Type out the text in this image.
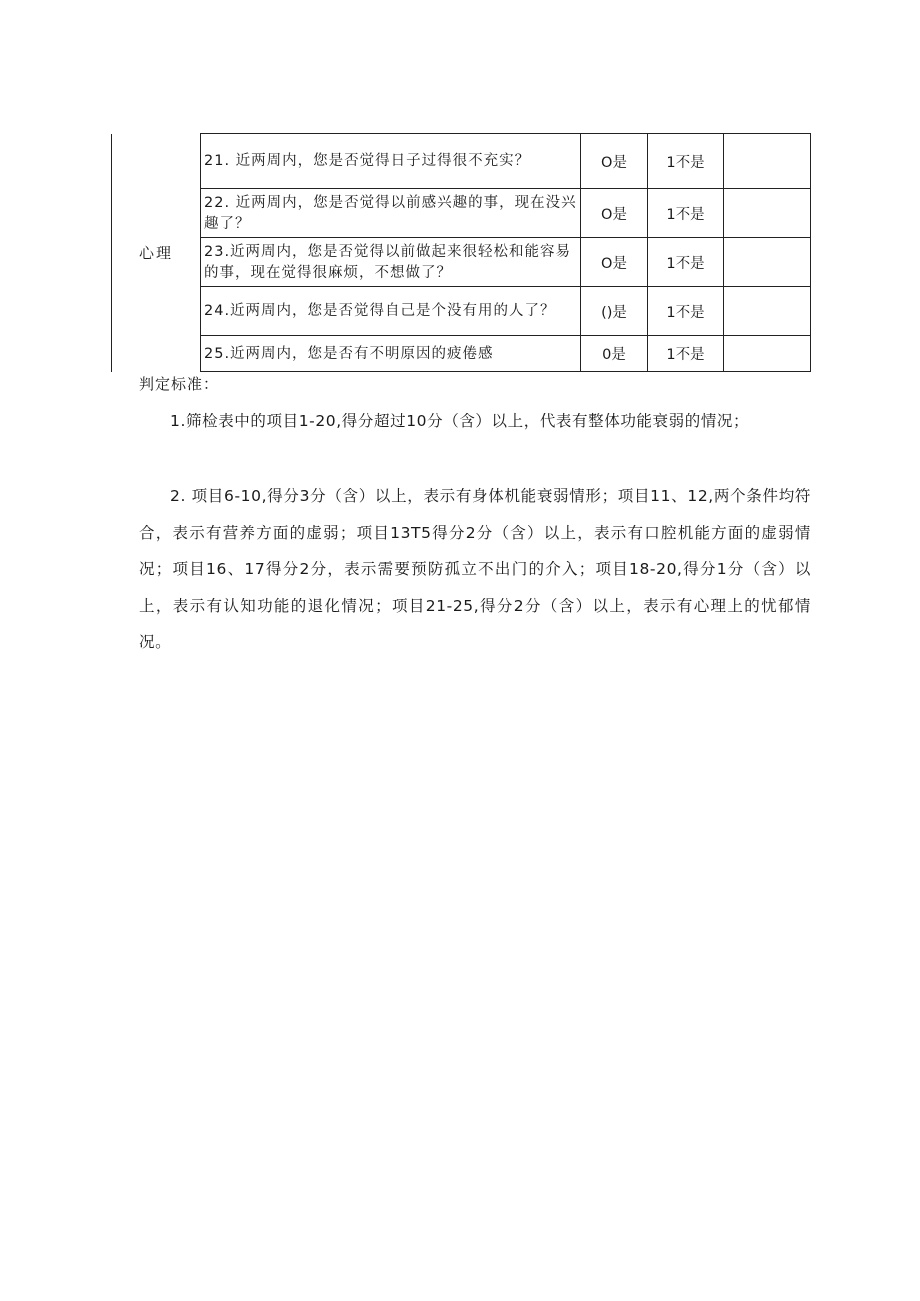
心理	21. 近两周内，您是否觉得日子过得很不充实？	O是	1不是	
	22. 近两周内，您是否觉得以前感兴趣的事，现在没兴趣了？	O是	1不是	
	23.近两周内，您是否觉得以前做起来很轻松和能容易的事，现在觉得很麻烦，不想做了？	O是	1不是	
	24.近两周内，您是否觉得自己是个没有用的人了？	()是	1不是	
	25.近两周内，您是否有不明原因的疲倦感	0是	1不是	
判定标准：

1.筛检表中的项目1-20,得分超过10分（含）以上，代表有整体功能衰弱的情况；

2. 项目6-10,得分3分（含）以上，表示有身体机能衰弱情形；项目11、12,两个条件均符合，表示有营养方面的虚弱；项目13T5得分2分（含）以上，表示有口腔机能方面的虚弱情况；项目16、17得分2分，表示需要预防孤立不出门的介入；项目18-20,得分1分（含）以上，表示有认知功能的退化情况；项目21-25,得分2分（含）以上，表示有心理上的忧郁情况。
